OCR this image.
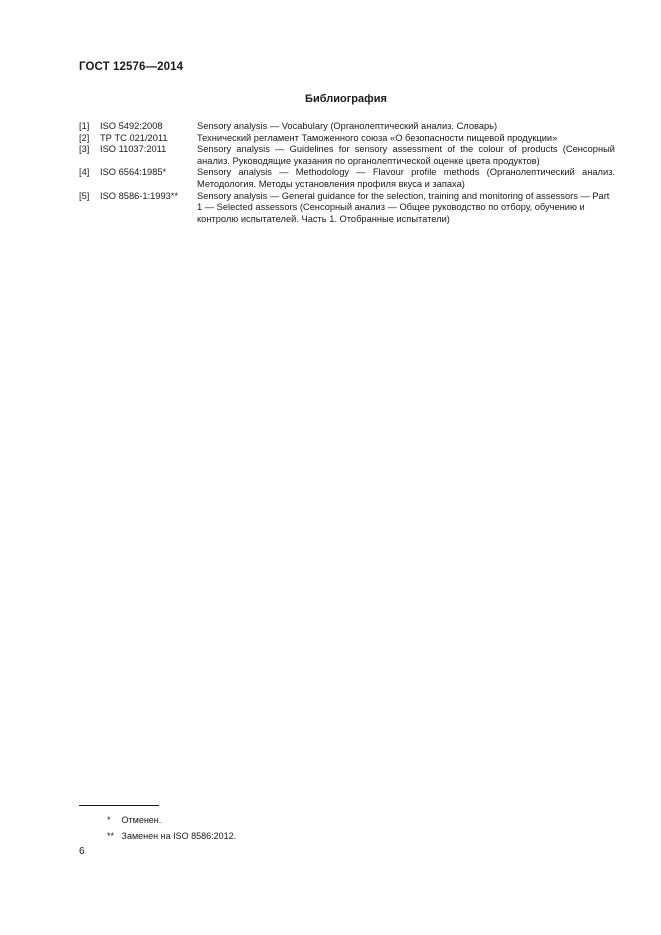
ГОСТ 12576—2014
Библиография
[1]	ISO 5492:2008	Sensory analysis — Vocabulary (Органолептический анализ. Словарь)
[2]	ТР ТС 021/2011	Технический регламент Таможенного союза «О безопасности пищевой продукции»
[3]	ISO 11037:2011	Sensory analysis — Guidelines for sensory assessment of the colour of products (Сенсорный анализ. Руководящие указания по органолептической оценке цвета продуктов)
[4]	ISO 6564:1985*	Sensory analysis — Methodology — Flavour profile methods (Органолептический анализ. Методология. Методы установления профиля вкуса и запаха)
[5]	ISO 8586-1:1993**	Sensory analysis — General guidance for the selection, training and monitoring of assessors — Part 1 — Selected assessors (Сенсорный анализ — Общее руководство по отбору, обучению и контролю испытателей. Часть 1. Отобранные испытатели)
* Отменен.
** Заменен на ISO 8586:2012.
6
